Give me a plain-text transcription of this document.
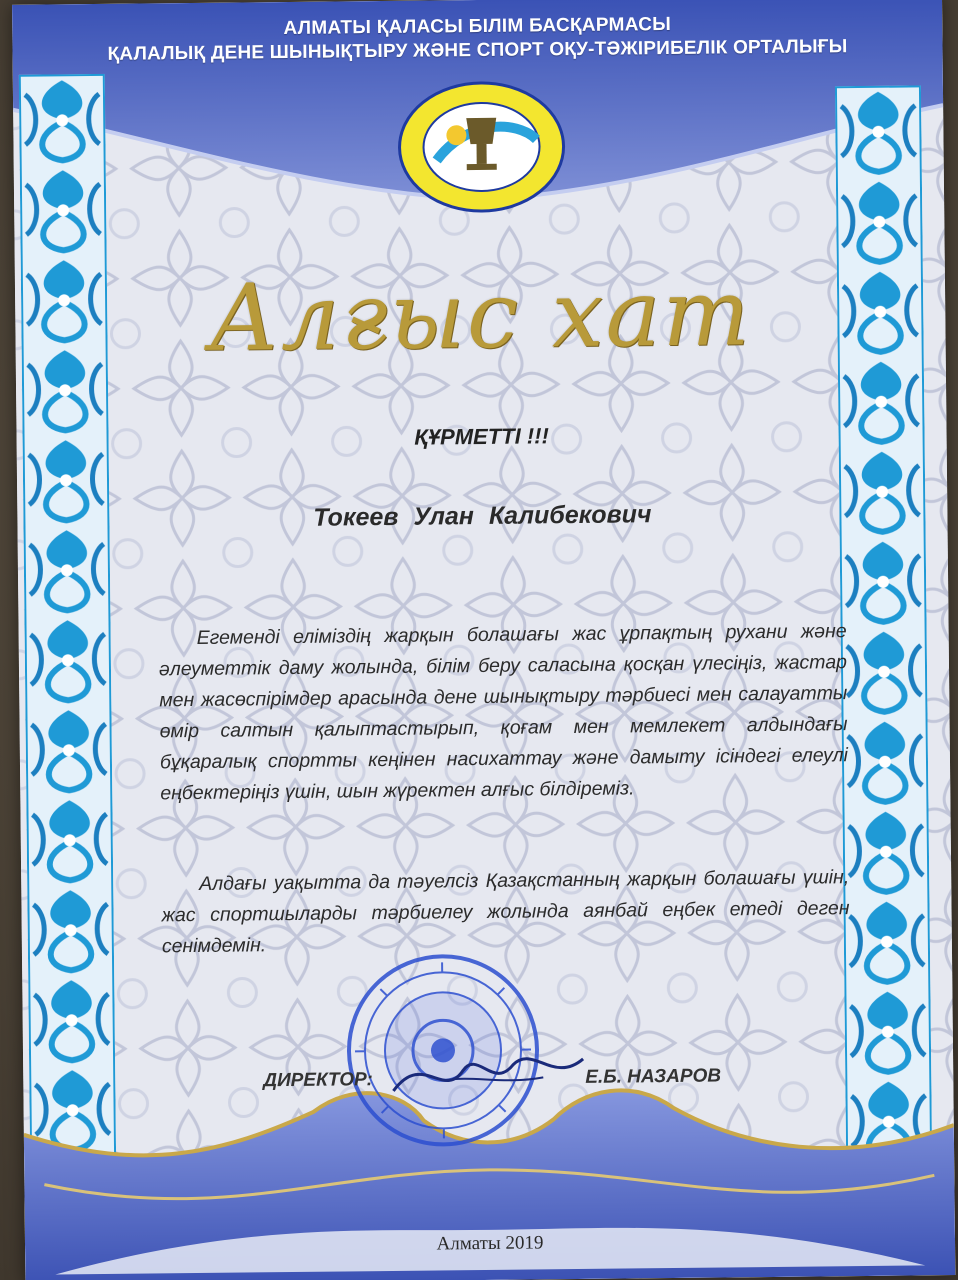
АЛМАТЫ ҚАЛАСЫ БІЛІМ БАСҚАРМАСЫ
ҚАЛАЛЫҚ ДЕНЕ ШЫНЫҚТЫРУ ЖӘНЕ СПОРТ ОҚУ-ТӘЖІРИБЕЛІК ОРТАЛЫҒЫ
Алғыс хат
ҚҰРМЕТТІ !!!
Токеев Улан Калибекович
Егеменді еліміздің жарқын болашағы жас ұрпақтың рухани және әлеуметтік даму жолында, білім беру саласына қосқан үлесіңіз, жастар мен жасөспірімдер арасында дене шынықтыру тәрбиесі мен салауатты өмір салтын қалыптастырып, қоғам мен мемлекет алдындағы бұқаралық спортты кеңінен насихаттау және дамыту ісіндегі елеулі еңбектеріңіз үшін, шын жүректен алғыс білдіреміз.
Алдағы уақытта да тәуелсіз Қазақстанның жарқын болашағы үшін, жас спортшыларды тәрбиелеу жолында аянбай еңбек етеді деген сенімдемін.
ДИРЕКТОР:	Е.Б. НАЗАРОВ
Алматы 2019
